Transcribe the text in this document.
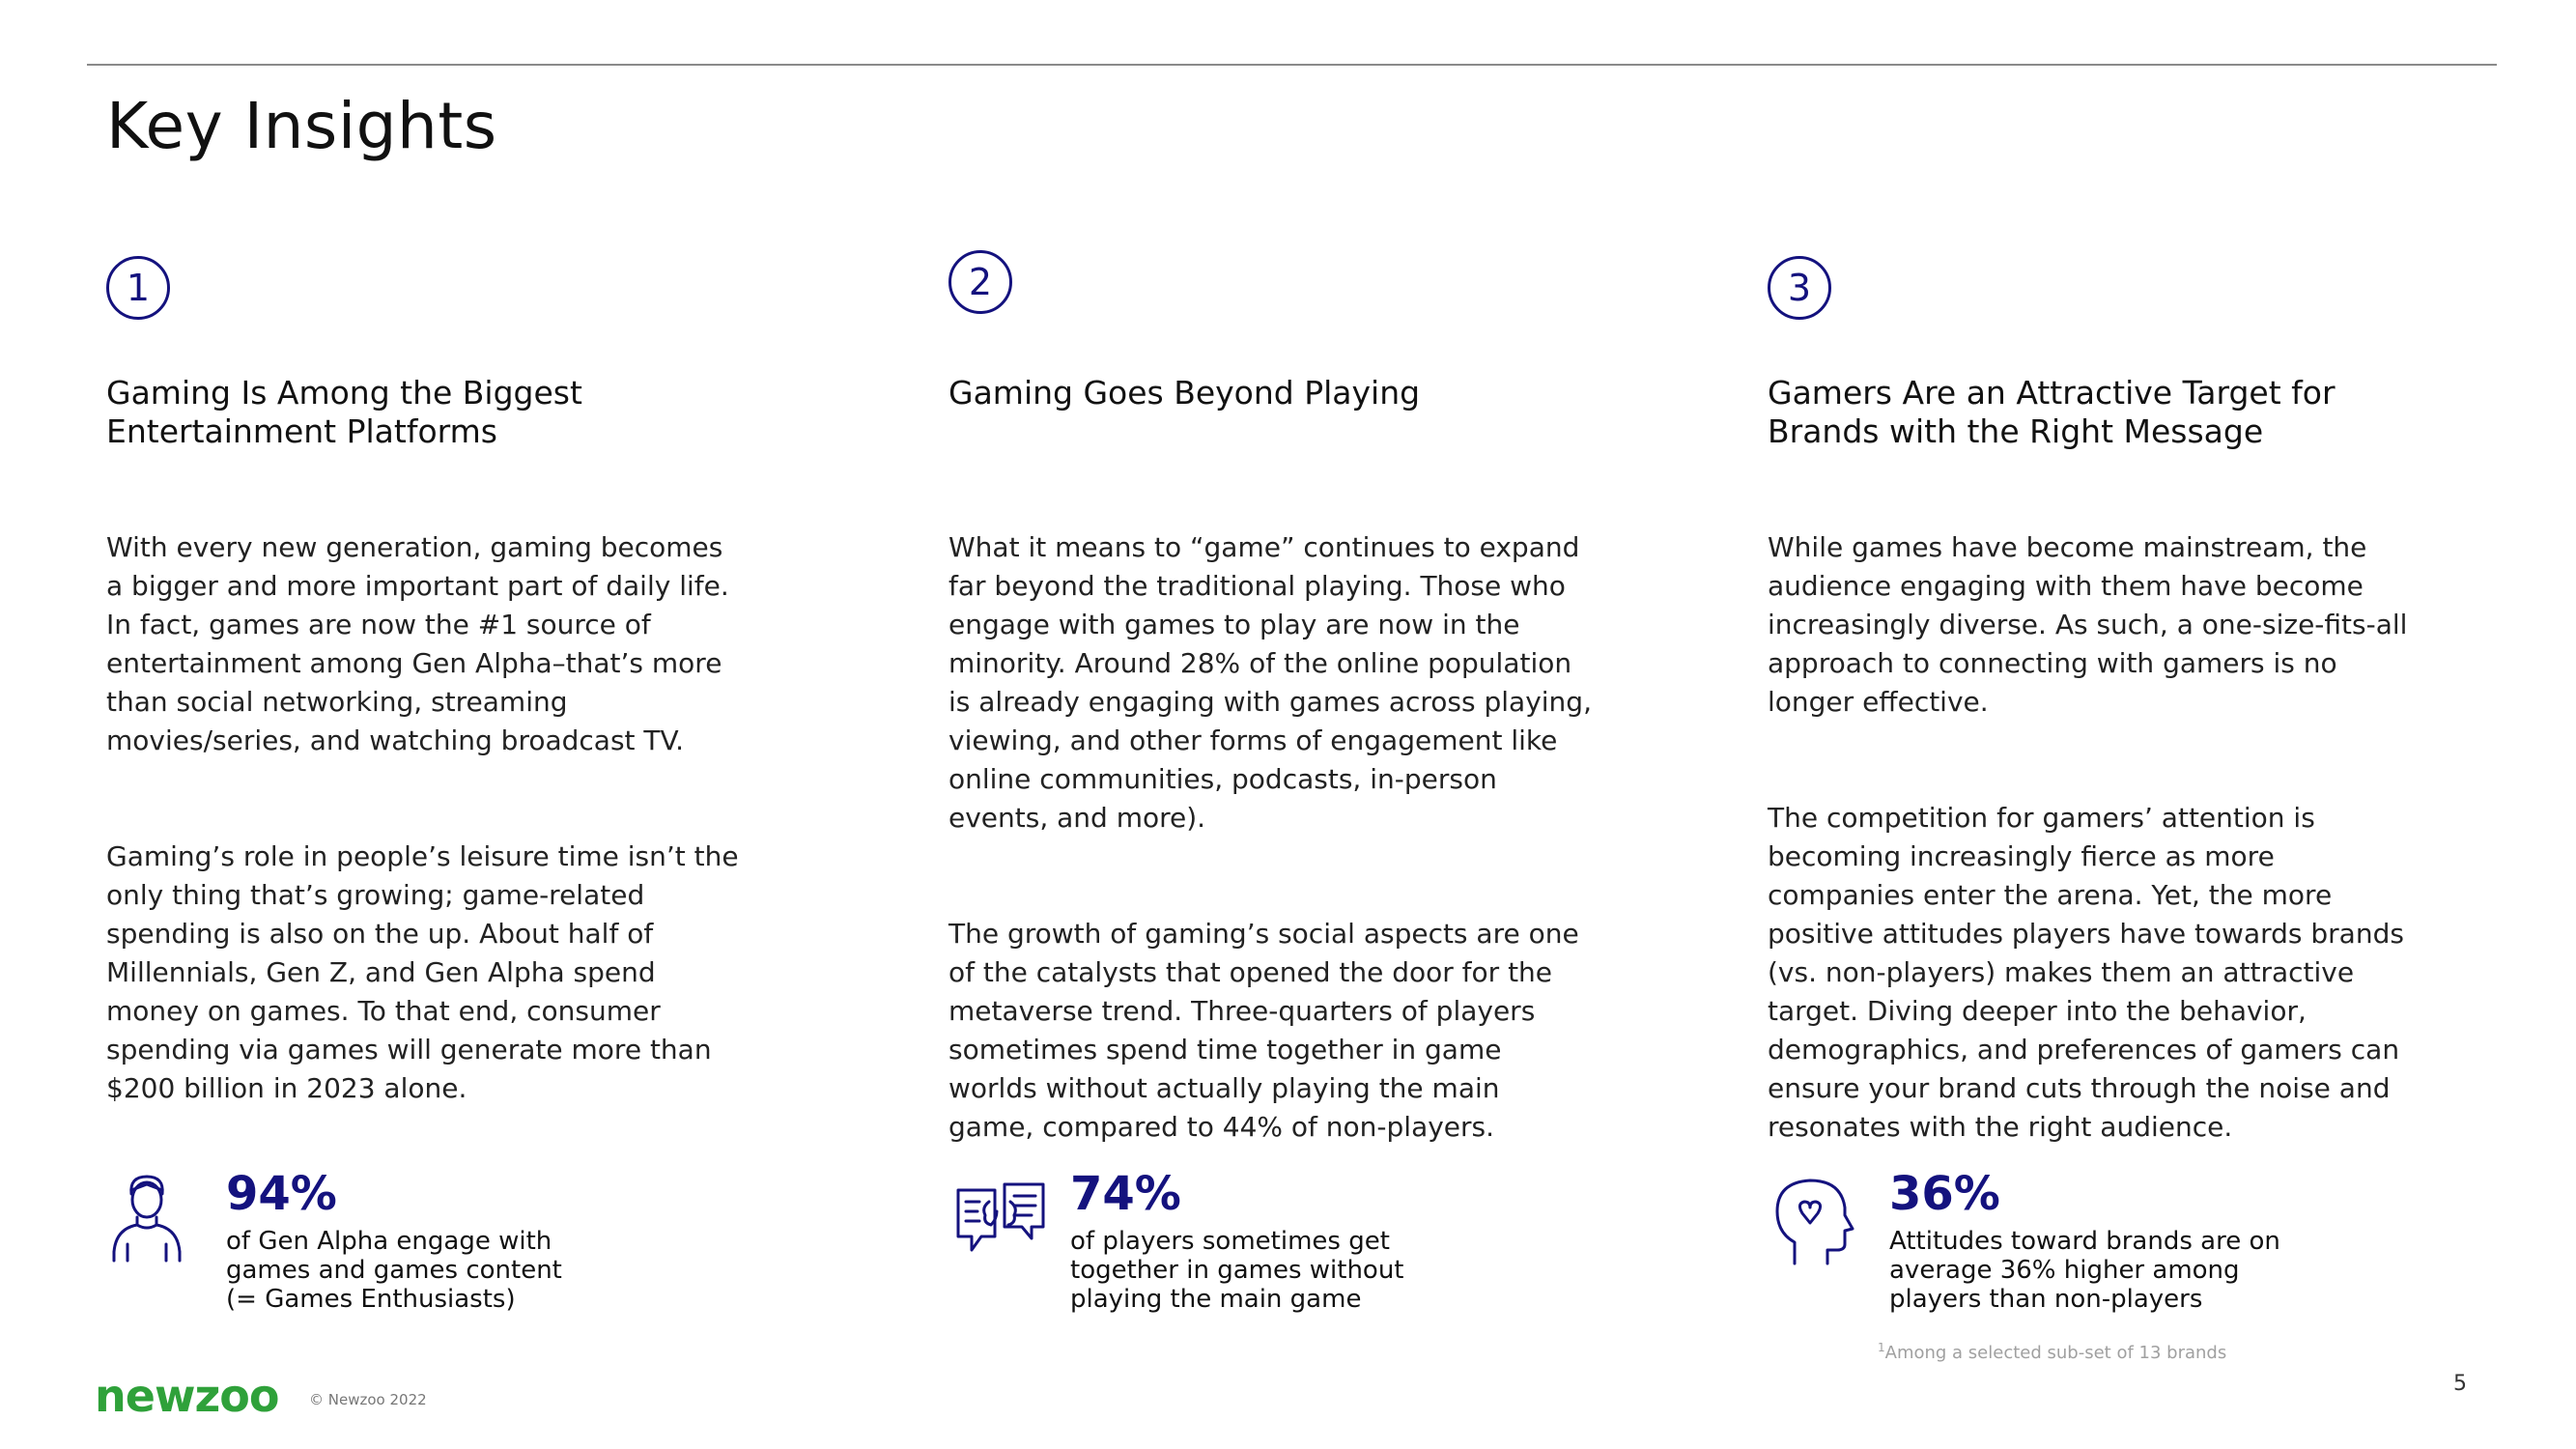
Key Insights
1
Gaming Is Among the Biggest
Entertainment Platforms

With every new generation, gaming becomes
a bigger and more important part of daily life.
In fact, games are now the #1 source of
entertainment among Gen Alpha–that’s more
than social networking, streaming
movies/series, and watching broadcast TV.

Gaming’s role in people’s leisure time isn’t the
only thing that’s growing; game-related
spending is also on the up. About half of
Millennials, Gen Z, and Gen Alpha spend
money on games. To that end, consumer
spending via games will generate more than
$200 billion in 2023 alone.

2
Gaming Goes Beyond Playing

What it means to “game” continues to expand
far beyond the traditional playing. Those who
engage with games to play are now in the
minority. Around 28% of the online population
is already engaging with games across playing,
viewing, and other forms of engagement like
online communities, podcasts, in-person
events, and more).

The growth of gaming’s social aspects are one
of the catalysts that opened the door for the
metaverse trend. Three-quarters of players
sometimes spend time together in game
worlds without actually playing the main
game, compared to 44% of non-players.

3
Gamers Are an Attractive Target for
Brands with the Right Message

While games have become mainstream, the
audience engaging with them have become
increasingly diverse. As such, a one-size-fits-all
approach to connecting with gamers is no
longer effective.

The competition for gamers’ attention is
becoming increasingly fierce as more
companies enter the arena. Yet, the more
positive attitudes players have towards brands
(vs. non-players) makes them an attractive
target. Diving deeper into the behavior,
demographics, and preferences of gamers can
ensure your brand cuts through the noise and
resonates with the right audience.

94%
of Gen Alpha engage with
games and games content
(= Games Enthusiasts)
74%
of players sometimes get
together in games without
playing the main game
36%
Attitudes toward brands are on
average 36% higher among
players than non-players
$^1$Among a selected sub-set of 13 brands
newzoo © Newzoo 2022
5
